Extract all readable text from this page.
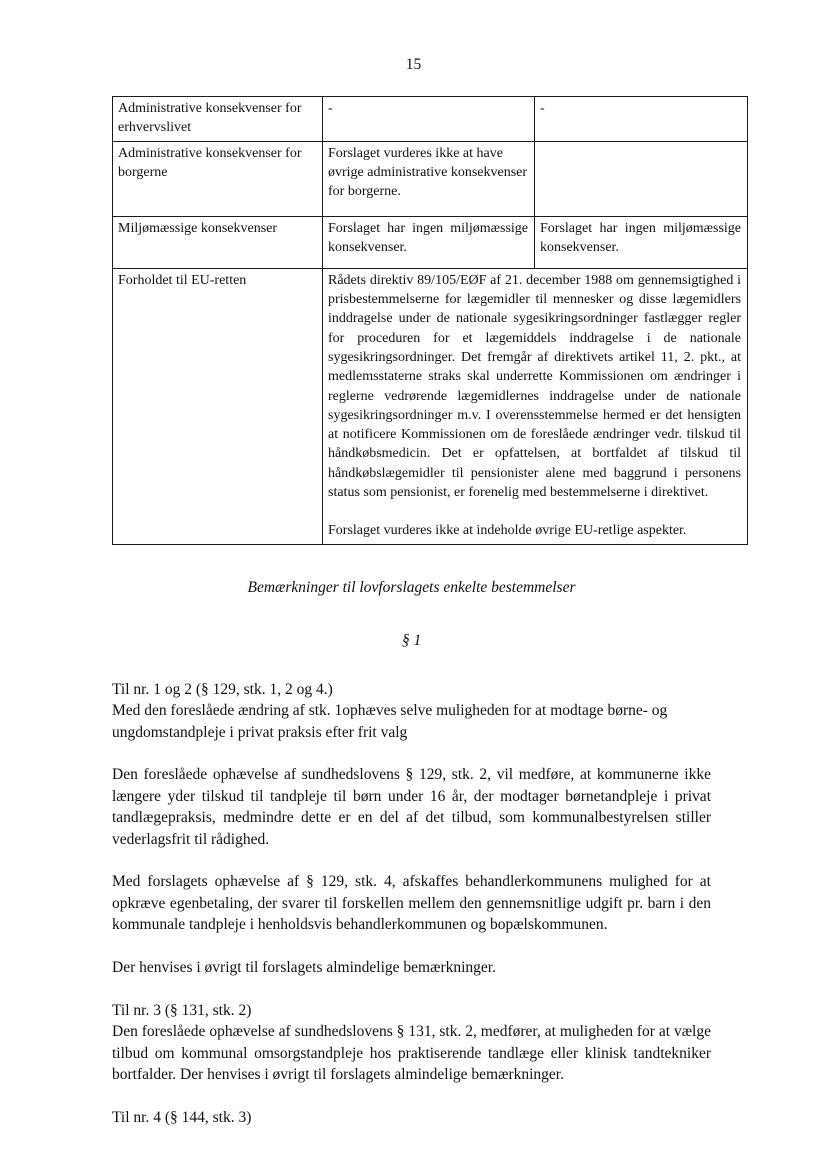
15
Administrative konsekvenser for erhvervslivet	-	-
Administrative konsekvenser for borgerne	Forslaget vurderes ikke at have øvrige administrative konsekvenser for borgerne.	
Miljømæssige konsekvenser	Forslaget har ingen miljømæssige konsekvenser.	Forslaget har ingen miljømæssige konsekvenser.
Forholdet til EU-retten	Rådets direktiv 89/105/EØF af 21. december 1988 om gennemsigtighed i prisbestemmelserne for lægemidler til mennesker og disse lægemidlers inddragelse under de nationale sygesikringsordninger fastlægger regler for proceduren for et lægemiddels inddragelse i de nationale sygesikringsordninger. Det fremgår af direktivets artikel 11, 2. pkt., at medlemsstaterne straks skal underrette Kommissionen om ændringer i reglerne vedrørende lægemidlernes inddragelse under de nationale sygesikringsordninger m.v. I overensstemmelse hermed er det hensigten at notificere Kommissionen om de foreslåede ændringer vedr. tilskud til håndkøbsmedicin. Det er opfattelsen, at bortfaldet af tilskud til håndkøbslægemidler til pensionister alene med baggrund i personens status som pensionist, er forenelig med bestemmelserne i direktivet.
Forslaget vurderes ikke at indeholde øvrige EU-retlige aspekter.	
Bemærkninger til lovforslagets enkelte bestemmelser
§ 1
Til nr. 1 og 2 (§ 129, stk. 1, 2 og 4.)
Med den foreslåede ændring af stk. 1ophæves selve muligheden for at modtage børne- og ungdomstandpleje i privat praksis efter frit valg
Den foreslåede ophævelse af sundhedslovens § 129, stk. 2, vil medføre, at kommunerne ikke længere yder tilskud til tandpleje til børn under 16 år, der modtager børnetandpleje i privat tandlægepraksis, medmindre dette er en del af det tilbud, som kommunalbestyrelsen stiller vederlagsfrit til rådighed.
Med forslagets ophævelse af § 129, stk. 4, afskaffes behandlerkommunens mulighed for at opkræve egenbetaling, der svarer til forskellen mellem den gennemsnitlige udgift pr. barn i den kommunale tandpleje i henholdsvis behandlerkommunen og bopælskommunen.
Der henvises i øvrigt til forslagets almindelige bemærkninger.
Til nr. 3 (§ 131, stk. 2)
Den foreslåede ophævelse af sundhedslovens § 131, stk. 2, medfører, at muligheden for at vælge tilbud om kommunal omsorgstandpleje hos praktiserende tandlæge eller klinisk tandtekniker bortfalder. Der henvises i øvrigt til forslagets almindelige bemærkninger.
Til nr. 4 (§ 144, stk. 3)
